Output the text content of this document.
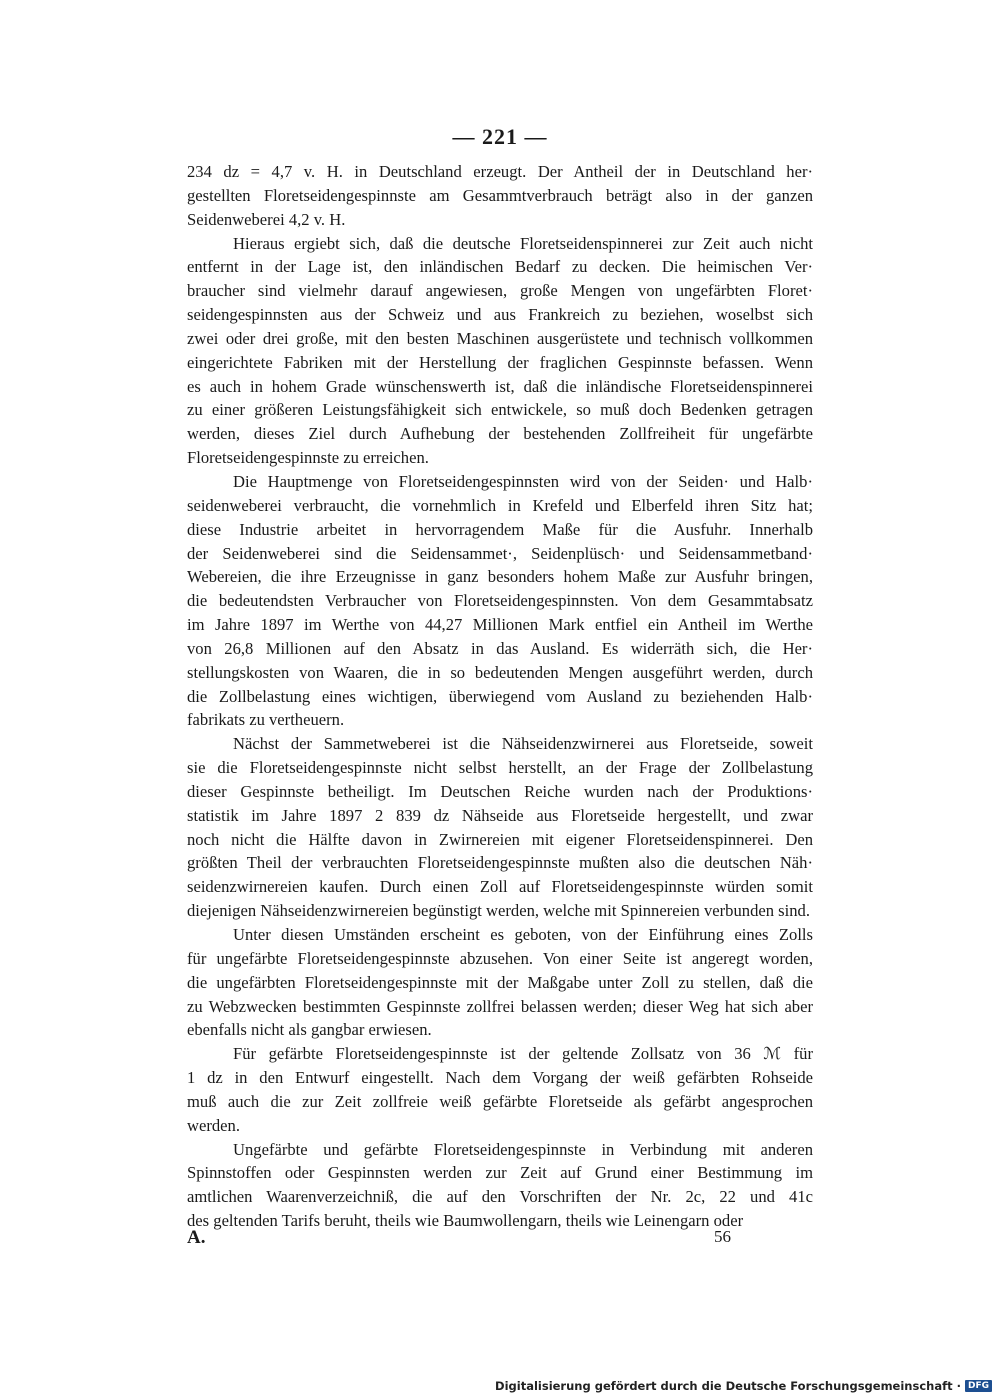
— 221 —
234 dz = 4,7 v. H. in Deutschland erzeugt. Der Antheil der in Deutschland her·
gestellten Floretseidengespinnste am Gesammtverbrauch beträgt also in der ganzen
Seidenweberei 4,2 v. H.
Hieraus ergiebt sich, daß die deutsche Floretseidenspinnerei zur Zeit auch nicht
entfernt in der Lage ist, den inländischen Bedarf zu decken. Die heimischen Ver·
braucher sind vielmehr darauf angewiesen, große Mengen von ungefärbten Floret·
seidengespinnsten aus der Schweiz und aus Frankreich zu beziehen, woselbst sich
zwei oder drei große, mit den besten Maschinen ausgerüstete und technisch vollkommen
eingerichtete Fabriken mit der Herstellung der fraglichen Gespinnste befassen. Wenn
es auch in hohem Grade wünschenswerth ist, daß die inländische Floretseidenspinnerei
zu einer größeren Leistungsfähigkeit sich entwickele, so muß doch Bedenken getragen
werden, dieses Ziel durch Aufhebung der bestehenden Zollfreiheit für ungefärbte
Floretseidengespinnste zu erreichen.
Die Hauptmenge von Floretseidengespinnsten wird von der Seiden· und Halb·
seidenweberei verbraucht, die vornehmlich in Krefeld und Elberfeld ihren Sitz hat;
diese Industrie arbeitet in hervorragendem Maße für die Ausfuhr. Innerhalb
der Seidenweberei sind die Seidensammet·, Seidenplüsch· und Seidensammetband·
Webereien, die ihre Erzeugnisse in ganz besonders hohem Maße zur Ausfuhr bringen,
die bedeutendsten Verbraucher von Floretseidengespinnsten. Von dem Gesammtabsatz
im Jahre 1897 im Werthe von 44,27 Millionen Mark entfiel ein Antheil im Werthe
von 26,8 Millionen auf den Absatz in das Ausland. Es widerräth sich, die Her·
stellungskosten von Waaren, die in so bedeutenden Mengen ausgeführt werden, durch
die Zollbelastung eines wichtigen, überwiegend vom Ausland zu beziehenden Halb·
fabrikats zu vertheuern.
Nächst der Sammetweberei ist die Nähseidenzwirnerei aus Floretseide, soweit
sie die Floretseidengespinnste nicht selbst herstellt, an der Frage der Zollbelastung
dieser Gespinnste betheiligt. Im Deutschen Reiche wurden nach der Produktions·
statistik im Jahre 1897 2 839 dz Nähseide aus Floretseide hergestellt, und zwar
noch nicht die Hälfte davon in Zwirnereien mit eigener Floretseidenspinnerei. Den
größten Theil der verbrauchten Floretseidengespinnste mußten also die deutschen Näh·
seidenzwirnereien kaufen. Durch einen Zoll auf Floretseidengespinnste würden somit
diejenigen Nähseidenzwirnereien begünstigt werden, welche mit Spinnereien verbunden sind.
Unter diesen Umständen erscheint es geboten, von der Einführung eines Zolls
für ungefärbte Floretseidengespinnste abzusehen. Von einer Seite ist angeregt worden,
die ungefärbten Floretseidengespinnste mit der Maßgabe unter Zoll zu stellen, daß die
zu Webzwecken bestimmten Gespinnste zollfrei belassen werden; dieser Weg hat sich aber
ebenfalls nicht als gangbar erwiesen.
Für gefärbte Floretseidengespinnste ist der geltende Zollsatz von 36 ℳ für
1 dz in den Entwurf eingestellt. Nach dem Vorgang der weiß gefärbten Rohseide
muß auch die zur Zeit zollfreie weiß gefärbte Floretseide als gefärbt angesprochen
werden.
Ungefärbte und gefärbte Floretseidengespinnste in Verbindung mit anderen
Spinnstoffen oder Gespinnsten werden zur Zeit auf Grund einer Bestimmung im
amtlichen Waarenverzeichniß, die auf den Vorschriften der Nr. 2c, 22 und 41c
des geltenden Tarifs beruht, theils wie Baumwollengarn, theils wie Leinengarn oder
A.	56
Digitalisierung gefördert durch die Deutsche Forschungsgemeinschaft · DFG
